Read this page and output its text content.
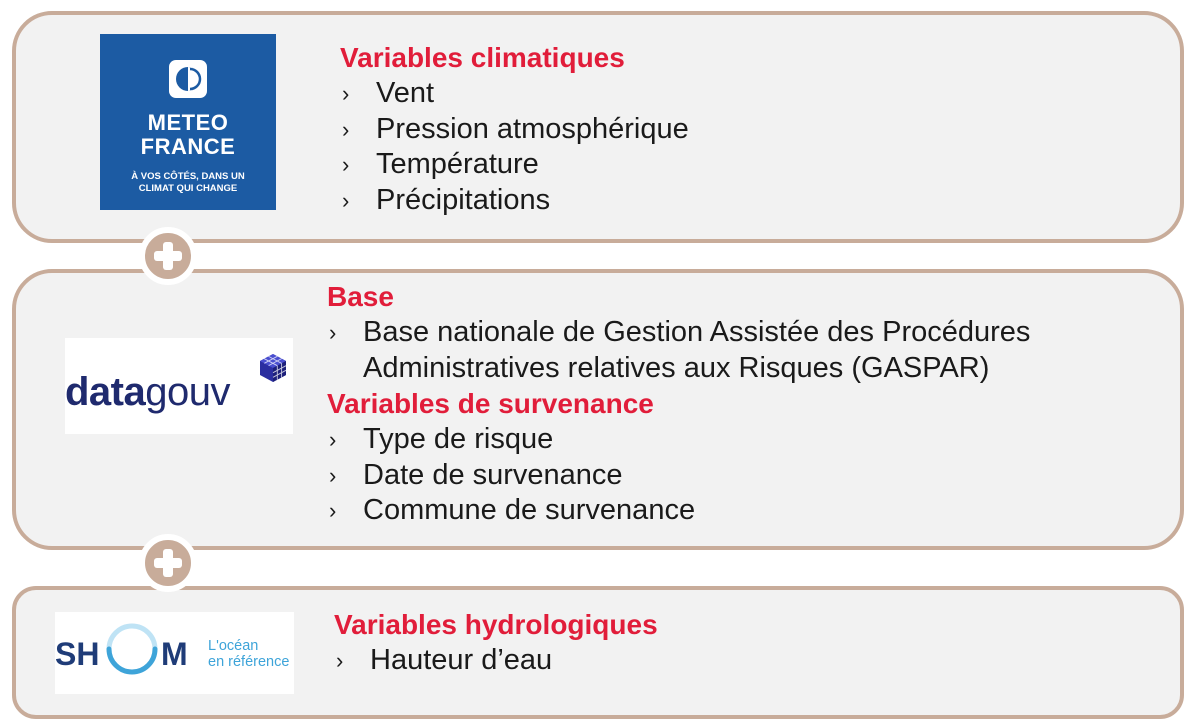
METEO
FRANCE
À VOS CÔTÉS, DANS UN
CLIMAT QUI CHANGE
Variables climatiques
› Vent
› Pression atmosphérique
› Température
› Précipitations
datagouv
Base
› Base nationale de Gestion Assistée des Procédures
Administratives relatives aux Risques (GASPAR)
Variables de survenance
› Type de risque
› Date de survenance
› Commune de survenance
SH M L'océan
en référence
Variables hydrologiques
› Hauteur d’eau
